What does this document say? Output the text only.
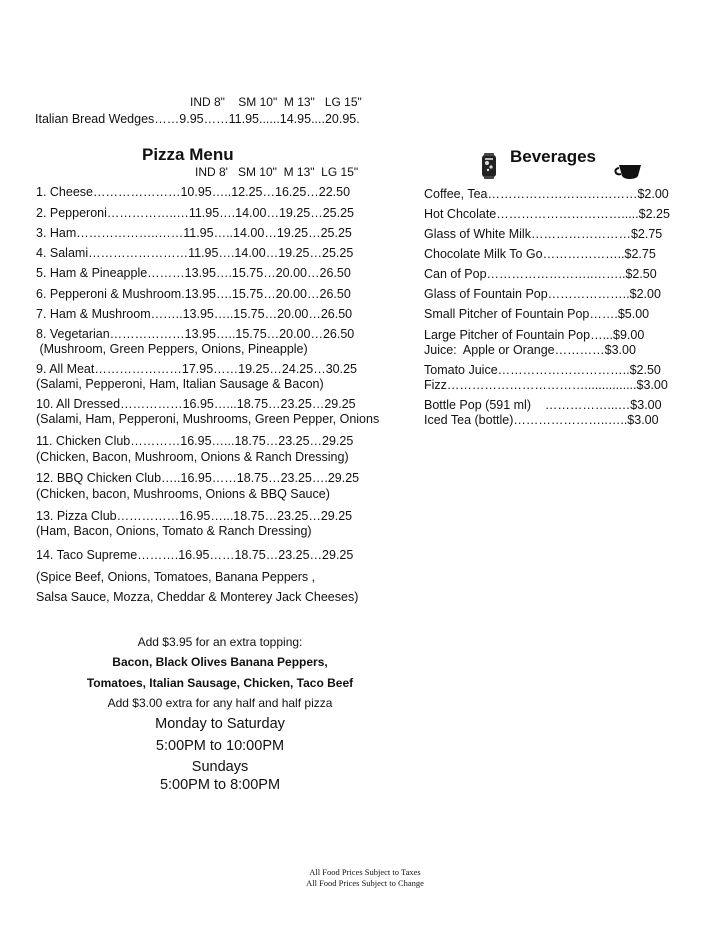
IND 8"    SM 10"  M 13"   LG 15"
Italian Bread Wedges……9.95……11.95......14.95....20.95.
Pizza Menu
IND 8'   SM 10"  M 13"  LG 15"
1. Cheese…………………10.95…..12.25…16.25…22.50
2. Pepperoni……………..…11.95….14.00…19.25…25.25
3. Ham………………..……11.95…..14.00…19.25…25.25
4. Salami……………………11.95….14.00…19.25…25.25
5. Ham & Pineapple………13.95….15.75…20.00…26.50
6. Pepperoni & Mushroom.13.95….15.75…20.00…26.50
7. Ham & Mushroom……..13.95…..15.75…20.00…26.50
8. Vegetarian………………13.95…..15.75…20.00…26.50
(Mushroom, Green Peppers, Onions, Pineapple)
9. All Meat…………………17.95……19.25…24.25…30.25
(Salami, Pepperoni, Ham, Italian Sausage & Bacon)
10. All Dressed……………16.95…...18.75…23.25…29.25
(Salami, Ham, Pepperoni, Mushrooms, Green Pepper, Onions
11. Chicken Club…………16.95…...18.75…23.25…29.25
(Chicken, Bacon, Mushroom, Onions & Ranch Dressing)
12. BBQ Chicken Club…..16.95……18.75…23.25….29.25
(Chicken, bacon, Mushrooms, Onions & BBQ Sauce)
13. Pizza Club……………16.95…...18.75…23.25…29.25
(Ham, Bacon, Onions, Tomato & Ranch Dressing)
14. Taco Supreme……….16.95……18.75…23.25…29.25
(Spice Beef, Onions, Tomatoes, Banana Peppers ,
Salsa Sauce, Mozza, Cheddar & Monterey Jack Cheeses)

Beverages

Coffee, Tea………………………………$2.00
Hot Chcolate………………………….....$2.25
Glass of White Milk……………………$2.75
Chocolate Milk To Go………………..$2.75
Can of Pop……………………..……..$2.50
Glass of Fountain Pop………………..$2.00
Small Pitcher of Fountain Pop…….$5.00
Large Pitcher of Fountain Pop…...$9.00
Juice:  Apple or Orange…………$3.00
Tomato Juice…………………………..$2.50
Fizz……………………………...............$3.00
Bottle Pop (591 ml)    ……………...…$3.00
Iced Tea (bottle)…………………..…..$3.00
Add $3.95 for an extra topping:
Bacon, Black Olives Banana Peppers,
Tomatoes, Italian Sausage, Chicken, Taco Beef
Add $3.00 extra for any half and half pizza
Monday to Saturday
5:00PM to 10:00PM
Sundays
5:00PM to 8:00PM
All Food Prices Subject to Taxes
All Food Prices Subject to Change
